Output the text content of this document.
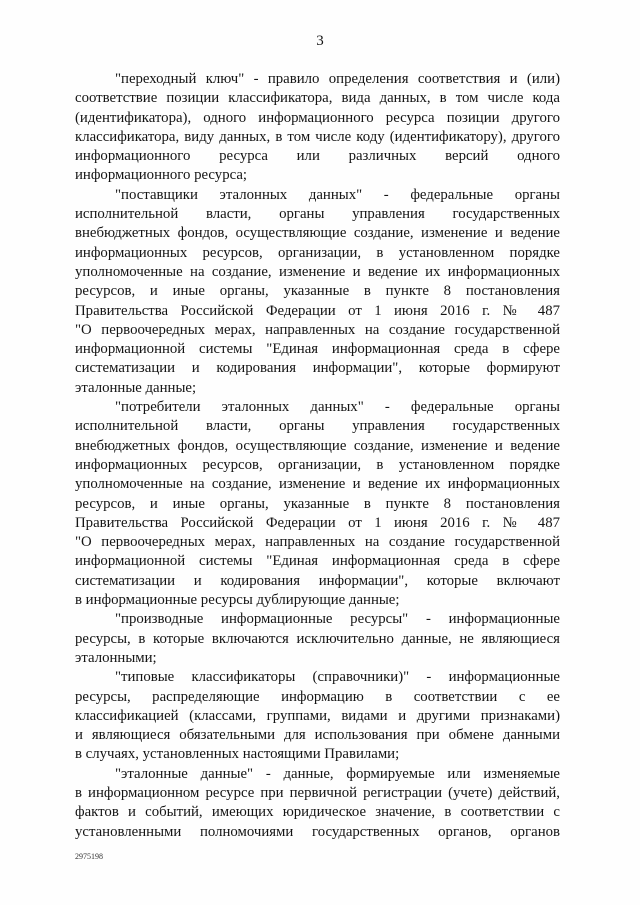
3
"переходный ключ" - правило определения соответствия и (или)
соответствие позиции классификатора, вида данных, в том числе кода
(идентификатора), одного информационного ресурса позиции другого
классификатора, виду данных, в том числе коду (идентификатору), другого
информационного ресурса или различных версий одного
информационного ресурса;
"поставщики эталонных данных" - федеральные органы
исполнительной власти, органы управления государственных
внебюджетных фондов, осуществляющие создание, изменение и ведение
информационных ресурсов, организации, в установленном порядке
уполномоченные на создание, изменение и ведение их информационных
ресурсов, и иные органы, указанные в пункте 8 постановления
Правительства Российской Федерации от 1 июня 2016 г. № 487
"О первоочередных мерах, направленных на создание государственной
информационной системы "Единая информационная среда в сфере
систематизации и кодирования информации", которые формируют
эталонные данные;
"потребители эталонных данных" - федеральные органы
исполнительной власти, органы управления государственных
внебюджетных фондов, осуществляющие создание, изменение и ведение
информационных ресурсов, организации, в установленном порядке
уполномоченные на создание, изменение и ведение их информационных
ресурсов, и иные органы, указанные в пункте 8 постановления
Правительства Российской Федерации от 1 июня 2016 г. № 487
"О первоочередных мерах, направленных на создание государственной
информационной системы "Единая информационная среда в сфере
систематизации и кодирования информации", которые включают
в информационные ресурсы дублирующие данные;
"производные информационные ресурсы" - информационные
ресурсы, в которые включаются исключительно данные, не являющиеся
эталонными;
"типовые классификаторы (справочники)" - информационные
ресурсы, распределяющие информацию в соответствии с ее
классификацией (классами, группами, видами и другими признаками)
и являющиеся обязательными для использования при обмене данными
в случаях, установленных настоящими Правилами;
"эталонные данные" - данные, формируемые или изменяемые
в информационном ресурсе при первичной регистрации (учете) действий,
фактов и событий, имеющих юридическое значение, в соответствии с
установленными полномочиями государственных органов, органов
2975198
